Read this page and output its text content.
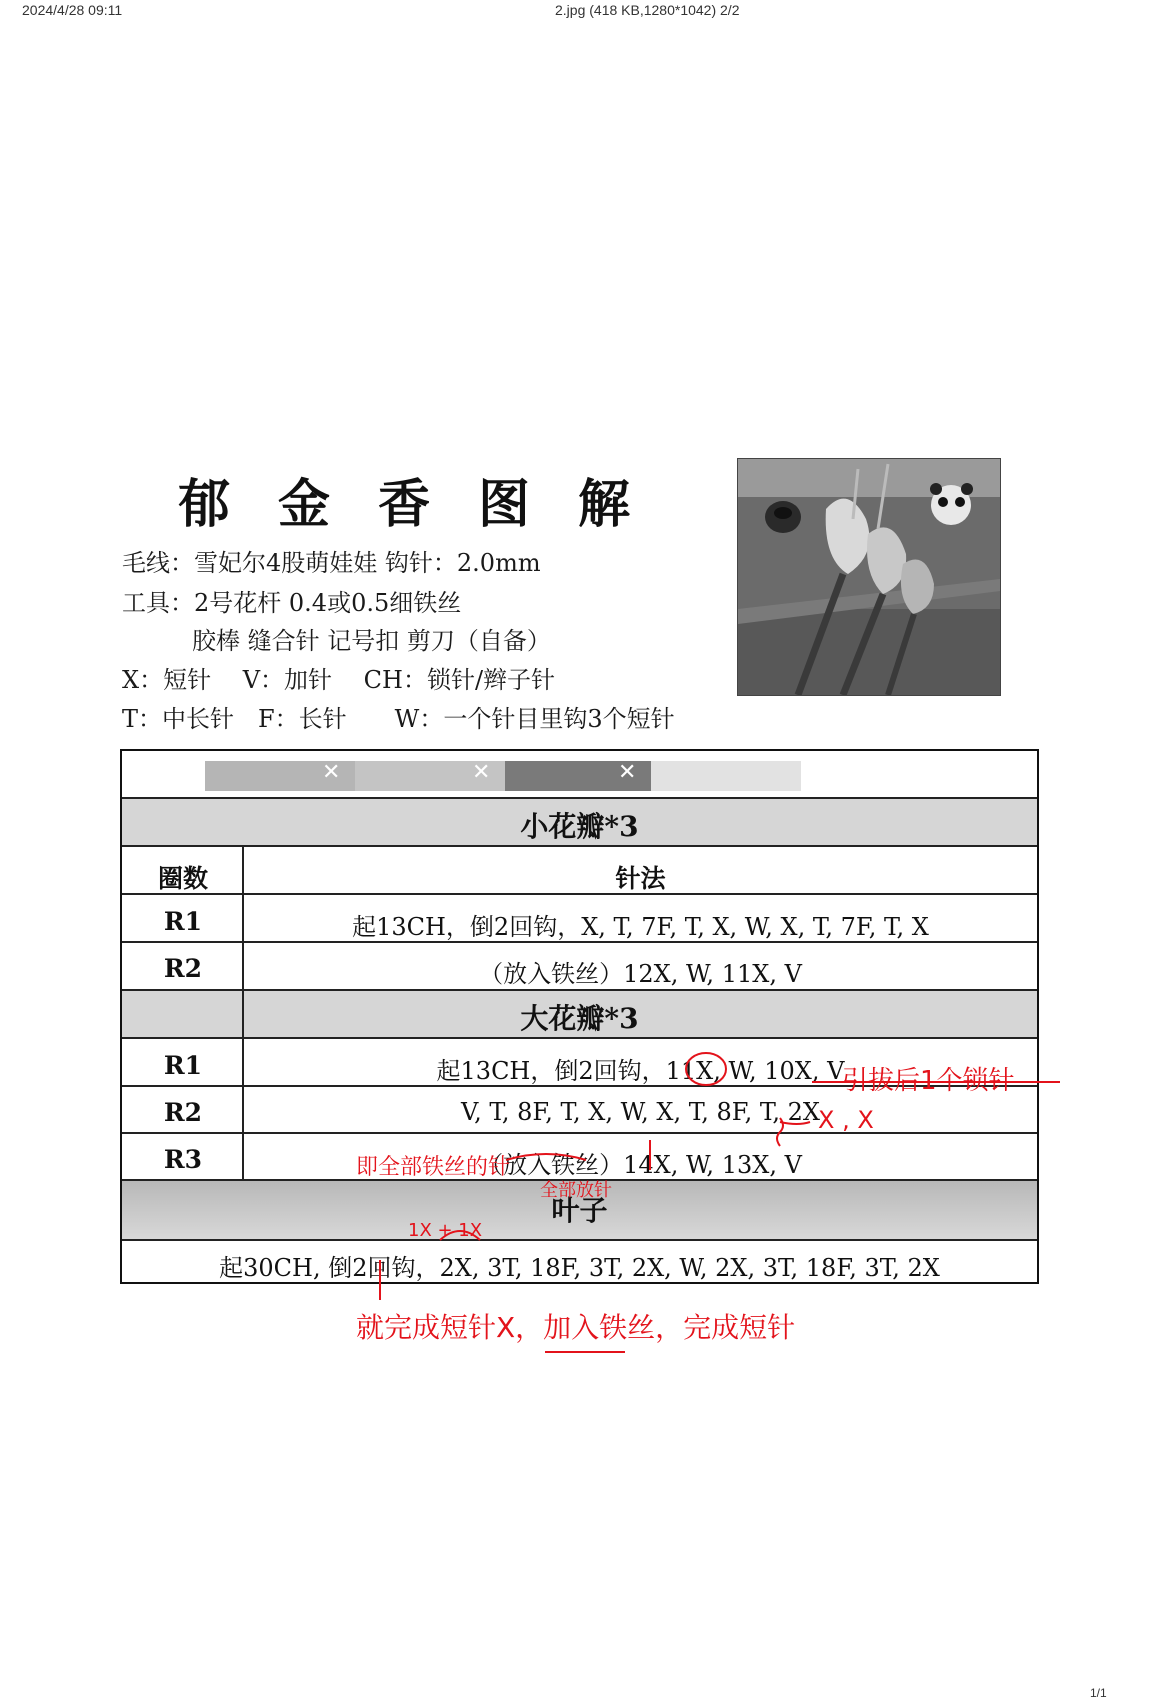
2024/4/28 09:11	2.jpg (418 KB,1280*1042) 2/2
郁金香图解
毛线：雪妃尔4股萌娃娃 钩针：2.0mm
工具：2号花杆 0.4或0.5细铁丝
胶棒 缝合针 记号扣 剪刀（自备）
X：短针　 V：加针　 CH：锁针/辫子针
T：中长针　F：长针　　W：一个针目里钩3个短针
✕	✕	✕
小花瓣*3
圈数	针法
R1	起13CH，倒2回钩，X, T, 7F, T, X, W, X, T, 7F, T, X
R2	（放入铁丝）12X, W, 11X, V
大花瓣*3
R1	起13CH，倒2回钩，11X, W, 10X, V
R2	V, T, 8F, T, X, W, X, T, 8F, T, 2X
R3	（放入铁丝）14X, W, 13X, V
叶子
起30CH, 倒2回钩，2X, 3T, 18F, 3T, 2X, W, 2X, 3T, 18F, 3T, 2X
引拔后1个锁针
X , X
即全部铁丝的针
全部放针
1X + 1X
就完成短针X，加入铁丝，完成短针
1/1
